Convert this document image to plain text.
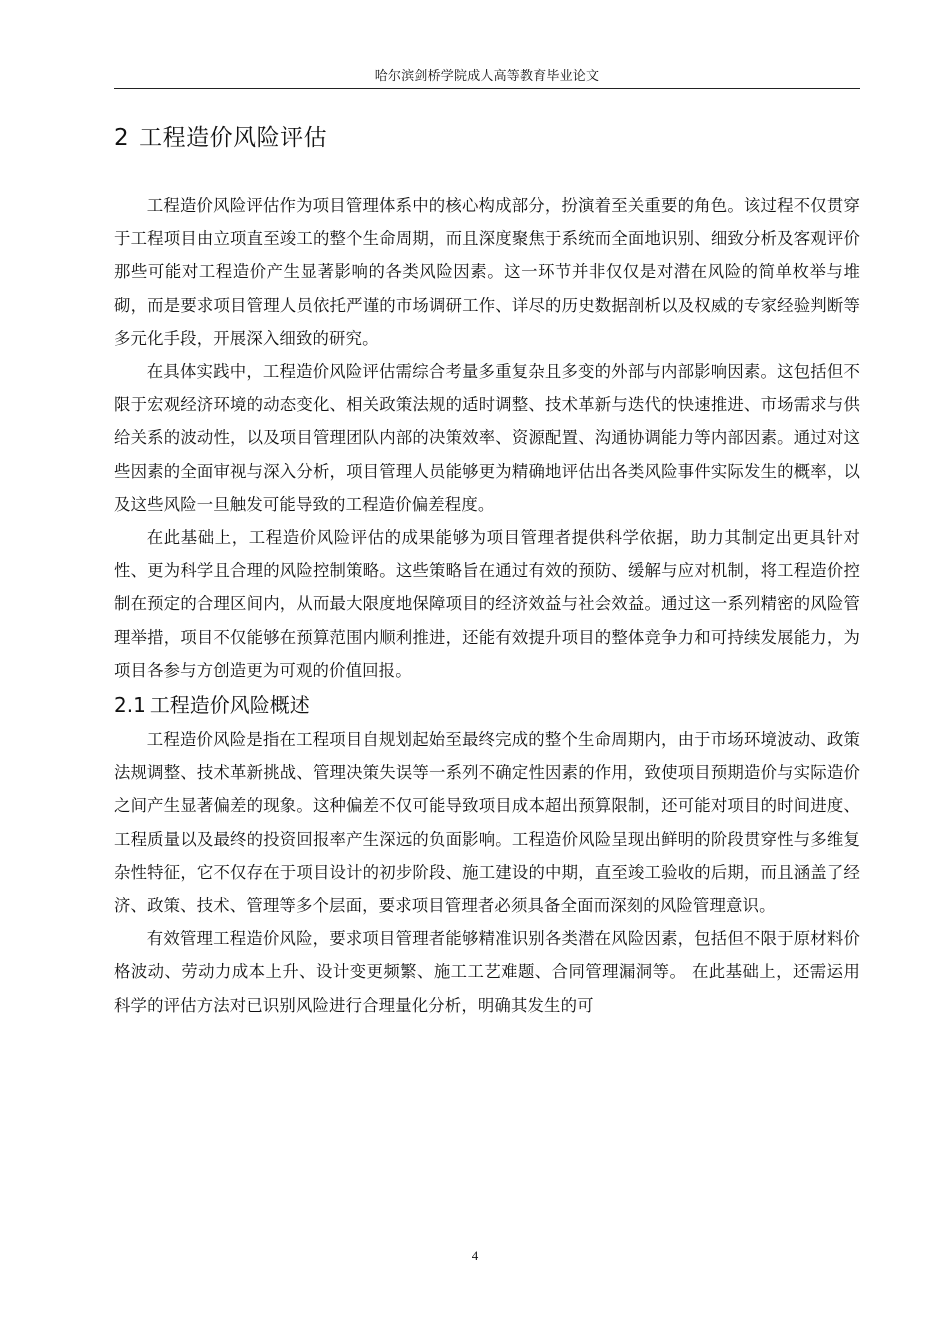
哈尔滨剑桥学院成人高等教育毕业论文
2 工程造价风险评估

工程造价风险评估作为项目管理体系中的核心构成部分，扮演着至关重要的角色。该过程不仅贯穿于工程项目由立项直至竣工的整个生命周期，而且深度聚焦于系统而全面地识别、细致分析及客观评价那些可能对工程造价产生显著影响的各类风险因素。这一环节并非仅仅是对潜在风险的简单枚举与堆砌，而是要求项目管理人员依托严谨的市场调研工作、详尽的历史数据剖析以及权威的专家经验判断等多元化手段，开展深入细致的研究。

在具体实践中，工程造价风险评估需综合考量多重复杂且多变的外部与内部影响因素。这包括但不限于宏观经济环境的动态变化、相关政策法规的适时调整、技术革新与迭代的快速推进、市场需求与供给关系的波动性，以及项目管理团队内部的决策效率、资源配置、沟通协调能力等内部因素。通过对这些因素的全面审视与深入分析，项目管理人员能够更为精确地评估出各类风险事件实际发生的概率，以及这些风险一旦触发可能导致的工程造价偏差程度。

在此基础上，工程造价风险评估的成果能够为项目管理者提供科学依据，助力其制定出更具针对性、更为科学且合理的风险控制策略。这些策略旨在通过有效的预防、缓解与应对机制，将工程造价控制在预定的合理区间内，从而最大限度地保障项目的经济效益与社会效益。通过这一系列精密的风险管理举措，项目不仅能够在预算范围内顺利推进，还能有效提升项目的整体竞争力和可持续发展能力，为项目各参与方创造更为可观的价值回报。

2.1 工程造价风险概述

工程造价风险是指在工程项目自规划起始至最终完成的整个生命周期内，由于市场环境波动、政策法规调整、技术革新挑战、管理决策失误等一系列不确定性因素的作用，致使项目预期造价与实际造价之间产生显著偏差的现象。这种偏差不仅可能导致项目成本超出预算限制，还可能对项目的时间进度、工程质量以及最终的投资回报率产生深远的负面影响。工程造价风险呈现出鲜明的阶段贯穿性与多维复杂性特征，它不仅存在于项目设计的初步阶段、施工建设的中期，直至竣工验收的后期，而且涵盖了经济、政策、技术、管理等多个层面，要求项目管理者必须具备全面而深刻的风险管理意识。

有效管理工程造价风险，要求项目管理者能够精准识别各类潜在风险因素，包括但不限于原材料价格波动、劳动力成本上升、设计变更频繁、施工工艺难题、合同管理漏洞等。 在此基础上，还需运用科学的评估方法对已识别风险进行合理量化分析，明确其发生的可

4
